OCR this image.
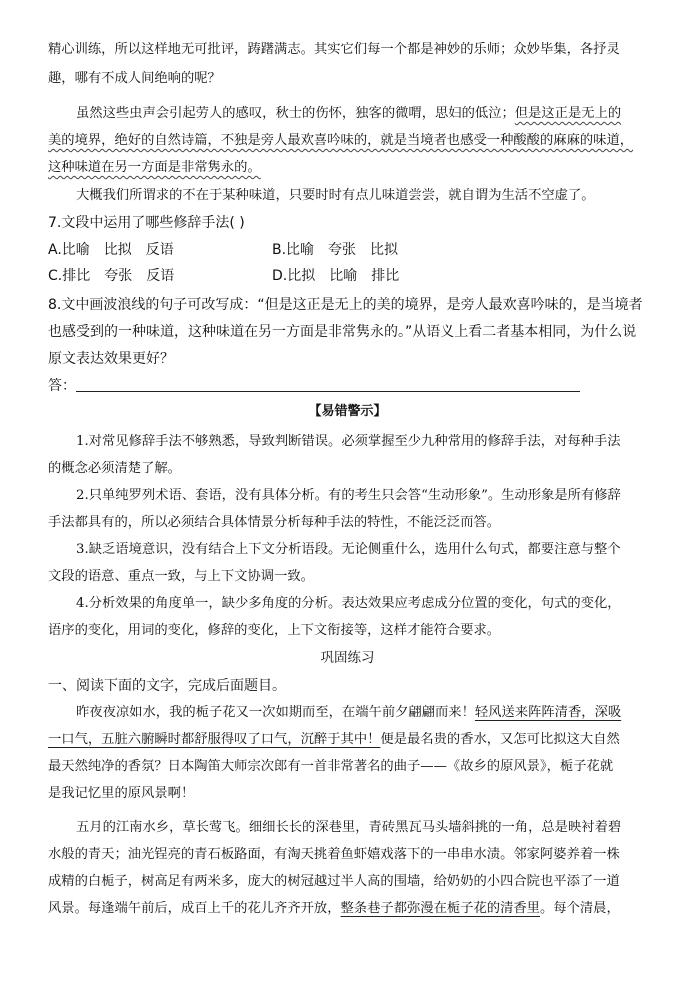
精心训练，所以这样地无可批评，踌躇满志。其实它们每一个都是神妙的乐师；众妙毕集，各抒灵
趣，哪有不成人间绝响的呢？
虽然这些虫声会引起劳人的感叹，秋士的伤怀，独客的微喟，思妇的低泣；但是这正是无上的
美的境界，绝好的自然诗篇，不独是旁人最欢喜吟味的，就是当境者也感受一种酸酸的麻麻的味道，
这种味道在另一方面是非常隽永的。
大概我们所谓求的不在于某种味道，只要时时有点儿味道尝尝，就自谓为生活不空虚了。
7.文段中运用了哪些修辞手法( )
A.比喻　比拟　反语	B.比喻　夸张　比拟
C.排比　夸张　反语	D.比拟　比喻　排比
8.文中画波浪线的句子可改写成：“但是这正是无上的美的境界，是旁人最欢喜吟味的，是当境者
也感受到的一种味道，这种味道在另一方面是非常隽永的。”从语义上看二者基本相同，为什么说
原文表达效果更好？
答：
【易错警示】
1.对常见修辞手法不够熟悉，导致判断错误。必须掌握至少九种常用的修辞手法，对每种手法
的概念必须清楚了解。
2.只单纯罗列术语、套语，没有具体分析。有的考生只会答“生动形象”。生动形象是所有修辞
手法都具有的，所以必须结合具体情景分析每种手法的特性，不能泛泛而答。
3.缺乏语境意识，没有结合上下文分析语段。无论侧重什么，选用什么句式，都要注意与整个
文段的语意、重点一致，与上下文协调一致。
4.分析效果的角度单一，缺少多角度的分析。表达效果应考虑成分位置的变化，句式的变化，
语序的变化，用词的变化，修辞的变化，上下文衔接等，这样才能符合要求。
巩固练习
一、阅读下面的文字，完成后面题目。
昨夜夜凉如水，我的栀子花又一次如期而至，在端午前夕翩翩而来！轻风送来阵阵清香，深吸
一口气，五脏六腑瞬时都舒服得叹了口气，沉醉于其中！便是最名贵的香水，又怎可比拟这大自然
最天然纯净的香氛？日本陶笛大师宗次郎有一首非常著名的曲子——《故乡的原风景》，栀子花就
是我记忆里的原风景啊！
五月的江南水乡，草长莺飞。细细长长的深巷里，青砖黑瓦马头墙斜挑的一角，总是映衬着碧
水般的青天；油光锃亮的青石板路面，有淘天挑着鱼虾嬉戏落下的一串串水渍。邻家阿婆养着一株
成精的白栀子，树高足有两米多，庞大的树冠越过半人高的围墙，给奶奶的小四合院也平添了一道
风景。每逢端午前后，成百上千的花儿齐齐开放，整条巷子都弥漫在栀子花的清香里。每个清晨，
